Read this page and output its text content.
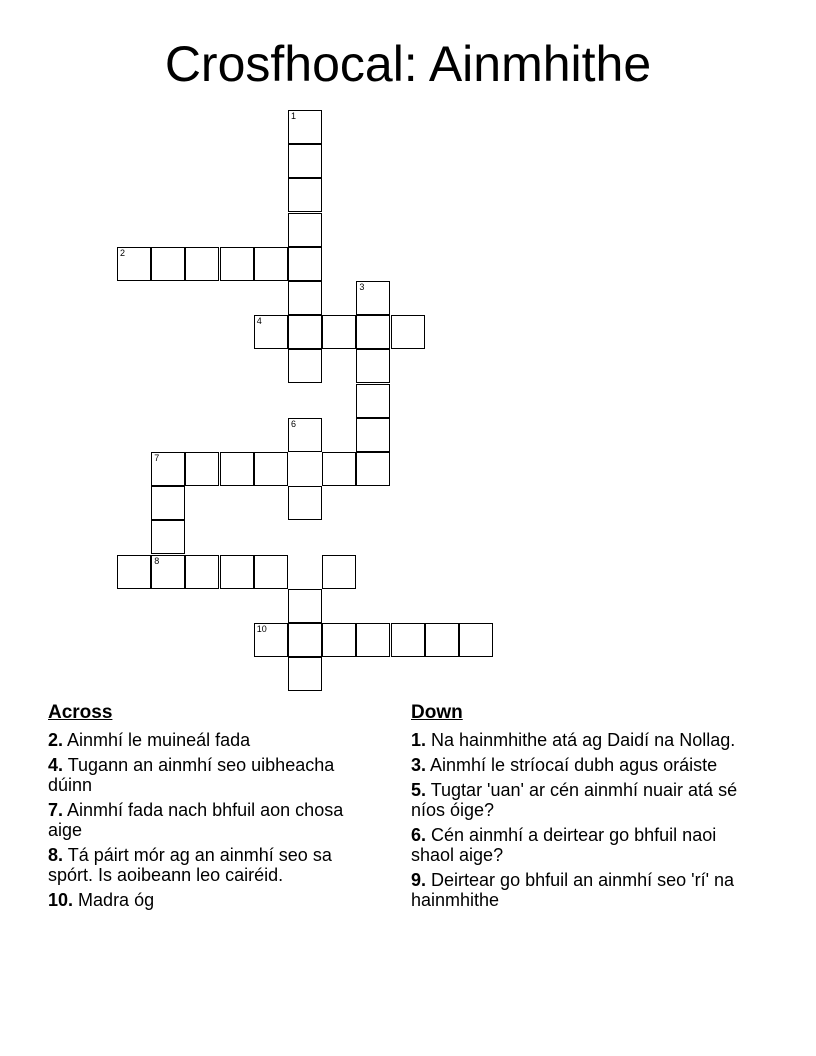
Crosfhocal: Ainmhithe
1
2
3
4
7
8
6
10
Across
2. Ainmhí le muineál fada
4. Tugann an ainmhí seo uibheacha dúinn
7. Ainmhí fada nach bhfuil aon chosa aige
8. Tá páirt mór ag an ainmhí seo sa spórt. Is aoibeann leo cairéid.
10. Madra óg
Down
1. Na hainmhithe atá ag Daidí na Nollag.
3. Ainmhí le stríocaí dubh agus oráiste
5. Tugtar 'uan' ar cén ainmhí nuair atá sé níos óige?
6. Cén ainmhí a deirtear go bhfuil naoi shaol aige?
9. Deirtear go bhfuil an ainmhí seo 'rí' na hainmhithe
